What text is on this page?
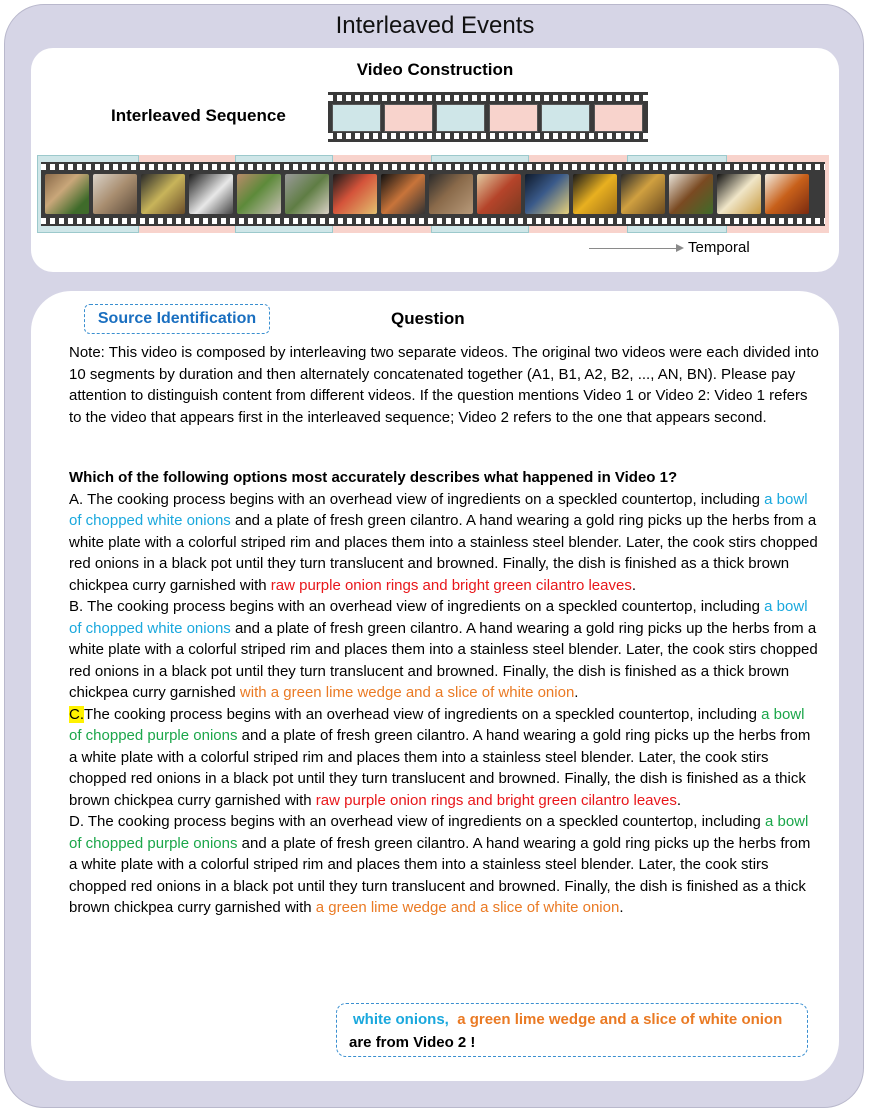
Interleaved Events
Video Construction
Interleaved Sequence
Temporal
Source Identification	Question
Note: This video is composed by interleaving two separate videos. The original two videos were each divided into 10 segments by duration and then alternately concatenated together (A1, B1, A2, B2, ..., AN, BN). Please pay attention to distinguish content from different videos. If the question mentions Video 1 or Video 2: Video 1 refers to the video that appears first in the interleaved sequence; Video 2 refers to the one that appears second.
Which of the following options most accurately describes what happened in Video 1?
A. The cooking process begins with an overhead view of ingredients on a speckled countertop, including a bowl of chopped white onions and a plate of fresh green cilantro. A hand wearing a gold ring picks up the herbs from a white plate with a colorful striped rim and places them into a stainless steel blender. Later, the cook stirs chopped red onions in a black pot until they turn translucent and browned. Finally, the dish is finished as a thick brown chickpea curry garnished with raw purple onion rings and bright green cilantro leaves.
B. The cooking process begins with an overhead view of ingredients on a speckled countertop, including a bowl of chopped white onions and a plate of fresh green cilantro. A hand wearing a gold ring picks up the herbs from a white plate with a colorful striped rim and places them into a stainless steel blender. Later, the cook stirs chopped red onions in a black pot until they turn translucent and browned. Finally, the dish is finished as a thick brown chickpea curry garnished with a green lime wedge and a slice of white onion.
C.The cooking process begins with an overhead view of ingredients on a speckled countertop, including a bowl of chopped purple onions and a plate of fresh green cilantro. A hand wearing a gold ring picks up the herbs from a white plate with a colorful striped rim and places them into a stainless steel blender. Later, the cook stirs chopped red onions in a black pot until they turn translucent and browned. Finally, the dish is finished as a thick brown chickpea curry garnished with raw purple onion rings and bright green cilantro leaves.
D. The cooking process begins with an overhead view of ingredients on a speckled countertop, including a bowl of chopped purple onions and a plate of fresh green cilantro. A hand wearing a gold ring picks up the herbs from a white plate with a colorful striped rim and places them into a stainless steel blender. Later, the cook stirs chopped red onions in a black pot until they turn translucent and browned. Finally, the dish is finished as a thick brown chickpea curry garnished with a green lime wedge and a slice of white onion.
white onions, a green lime wedge and a slice of white onion
are from Video 2 !
